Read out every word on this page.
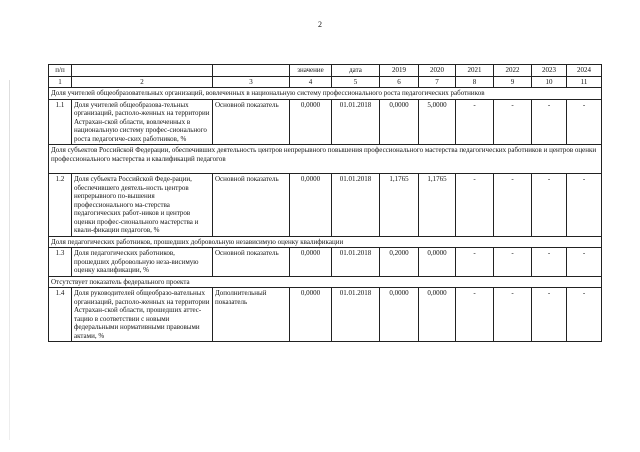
2
п/п			значение	дата	2019	2020	2021	2022	2023	2024
1	2	3	4	5	6	7	8	9	10	11
Доля учителей общеобразовательных организаций, вовлеченных в национальную систему профессионального роста педагогических работников										
1.1	Доля учителей общеобразова-тельных организаций, располо-женных на территории Астрахан-ской области, вовлеченных в национальную систему профес-сионального роста педагогиче-ских работников, %	Основной показатель	0,0000	01.01.2018	0,0000	5,0000	-	-	-	-
Доля субъектов Российской Федерации, обеспечивших деятельность центров непрерывного повышения профессионального мастерства педагогических работников и центров оценки профессионального мастерства и квалификаций педагогов										
1.2	Доля субъекта Российской Феде-рации, обеспечившего деятель-ность центров непрерывного по-вышения профессионального ма-стерства педагогических работ-ников и центров оценки профес-сионального мастерства и квали-фикации педагогов, %	Основной показатель	0,0000	01.01.2018	1,1765	1,1765	-	-	-	-
Доля педагогических работников, прошедших добровольную независимую оценку квалификации										
1.3	Доля педагогических работников, прошедших добровольную неза-висимую оценку квалификации, %	Основной показатель	0,0000	01.01.2018	0,2000	0,0000	-	-	-	-
Отсутствует показатель федерального проекта										
1.4	Доля руководителей общеобразо-вательных организаций, располо-женных на территории Астрахан-ской области, прошедших аттес-тацию в соответствии с новыми федеральными нормативными правовыми актами, %	Дополнительный показатель	0,0000	01.01.2018	0,0000	0,0000	-	-	-	-
